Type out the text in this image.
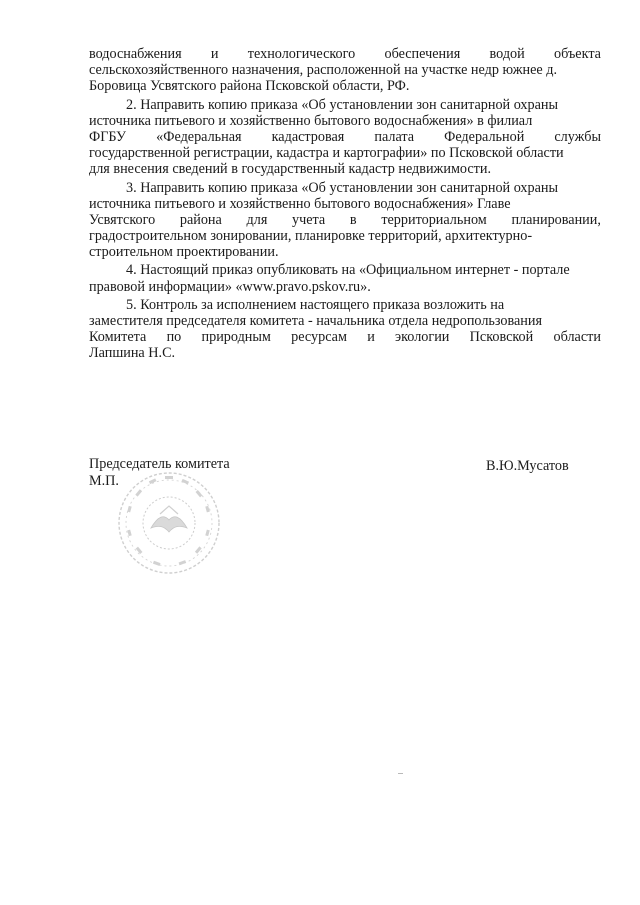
водоснабжения и технологического обеспечения водой объекта
сельскохозяйственного назначения, расположенной на участке недр южнее д.
Боровица Усвятского района Псковской области, РФ.
2. Направить копию приказа «Об установлении зон санитарной охраны
источника питьевого и хозяйственно бытового водоснабжения» в филиал
ФГБУ «Федеральная кадастровая палата Федеральной службы
государственной регистрации, кадастра и картографии» по Псковской области
для внесения сведений в государственный кадастр недвижимости.
3. Направить копию приказа «Об установлении зон санитарной охраны
источника питьевого и хозяйственно бытового водоснабжения» Главе
Усвятского района для учета в территориальном планировании,
градостроительном зонировании, планировке территорий, архитектурно-
строительном проектировании.
4. Настоящий приказ опубликовать на «Официальном интернет - портале
правовой информации» «www.pravo.pskov.ru».
5. Контроль за исполнением настоящего приказа возложить на
заместителя председателя комитета - начальника отдела недропользования
Комитета по природным ресурсам и экологии Псковской области
Лапшина Н.С.
Председатель комитета
М.П.
В.Ю.Мусатов
